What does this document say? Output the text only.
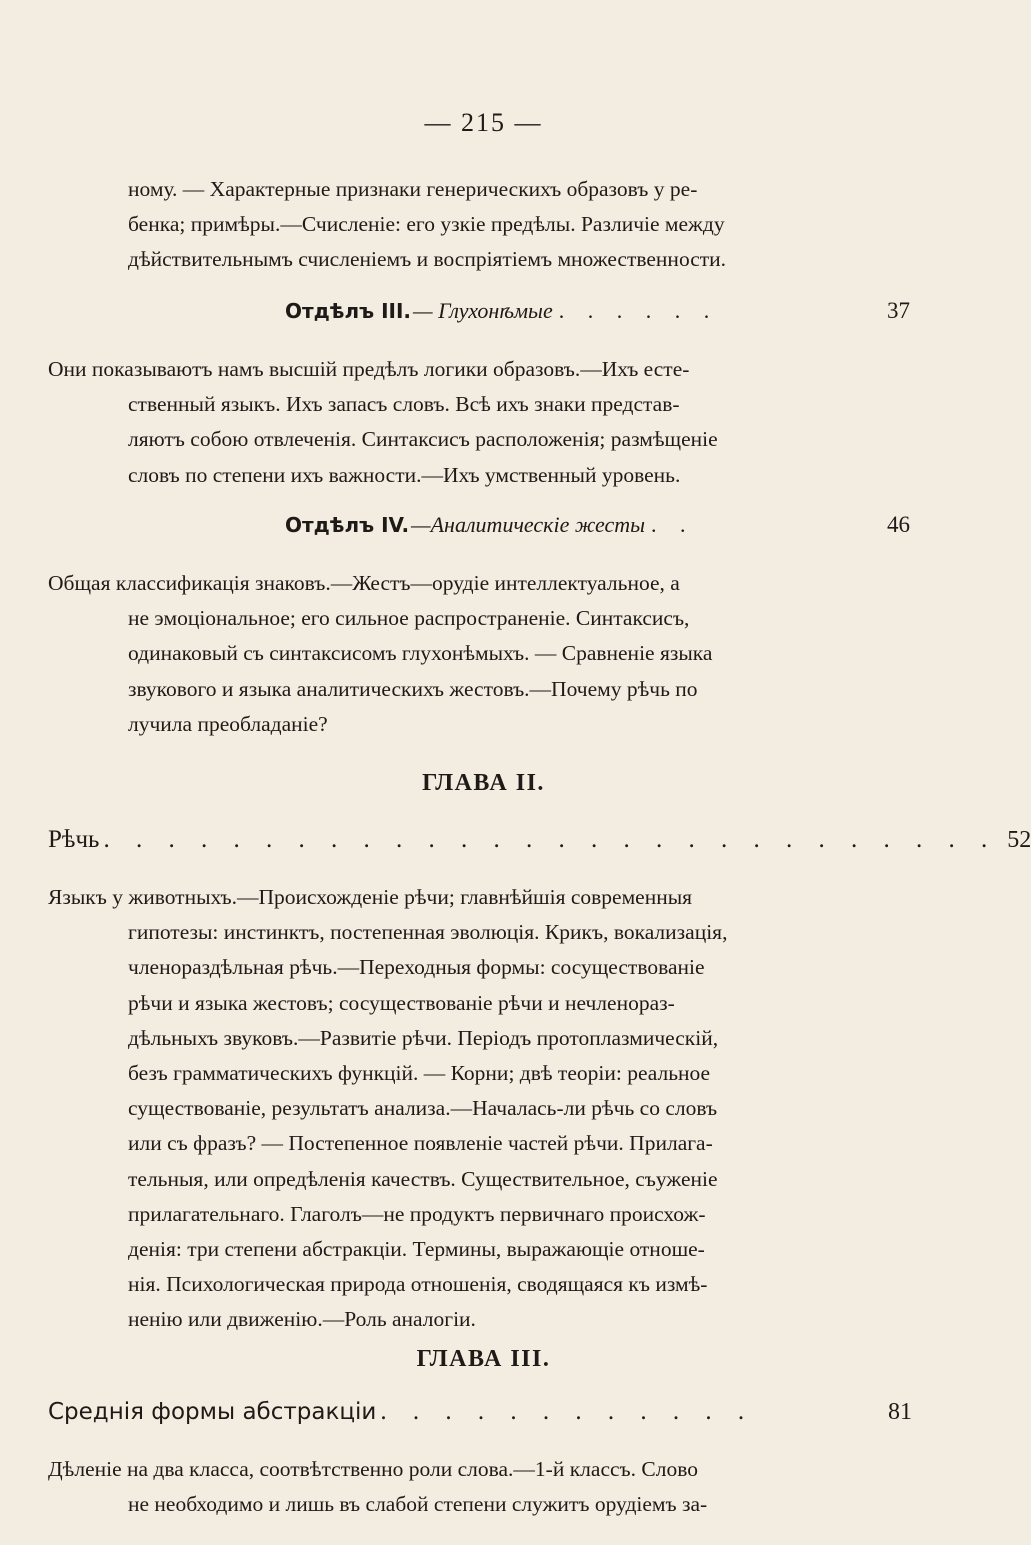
— 215 —
ному. — Характерные признаки генерическихъ образовъ у ре-
бенка; примѣры.—Счисленіе: его узкіе предѣлы. Различіе между
дѣйствительнымъ счисленіемъ и воспріятіемъ множественности.
Отдѣлъ III. — Глухонѣмые . . . . . .	37
Они показываютъ намъ высшій предѣлъ логики образовъ.—Ихъ есте-
ственный языкъ. Ихъ запасъ словъ. Всѣ ихъ знаки представ-
ляютъ собою отвлеченія. Синтаксисъ расположенія; размѣщеніе
словъ по степени ихъ важности.—Ихъ умственный уровень.
Отдѣлъ IV. —Аналитическіе жесты . .	46
Общая классификація знаковъ.—Жестъ—орудіе интеллектуальное, а
не эмоціональное; его сильное распространеніе. Синтаксисъ,
одинаковый съ синтаксисомъ глухонѣмыхъ. — Сравненіе языка
звукового и языка аналитическихъ жестовъ.—Почему рѣчь по
лучила преобладаніе?
ГЛАВА II.
Рѣчь . . . . . . . . . . . . . . . . . . . . . . . . . . . . 52
Языкъ у животныхъ.—Происхожденіе рѣчи; главнѣйшія современныя
гипотезы: инстинктъ, постепенная эволюція. Крикъ, вокализація,
членораздѣльная рѣчь.—Переходныя формы: сосуществованіе
рѣчи и языка жестовъ; сосуществованіе рѣчи и нечленораз-
дѣльныхъ звуковъ.—Развитіе рѣчи. Періодъ протоплазмическій,
безъ грамматическихъ функцій. — Корни; двѣ теоріи: реальное
существованіе, результатъ анализа.—Началась-ли рѣчь со словъ
или съ фразъ? — Постепенное появленіе частей рѣчи. Прилага-
тельныя, или опредѣленія качествъ. Существительное, съуженіе
прилагательнаго. Глаголъ—не продуктъ первичнаго происхож-
денія: три степени абстракціи. Термины, выражающіе отноше-
нія. Психологическая природа отношенія, сводящаяся къ измѣ-
ненію или движенію.—Роль аналогіи.
ГЛАВА III.
Среднія формы абстракціи . . . . . . . . . . . .	81
Дѣленіе на два класса, соотвѣтственно роли слова.—1-й классъ. Слово
не необходимо и лишь въ слабой степени служитъ орудіемъ за-
